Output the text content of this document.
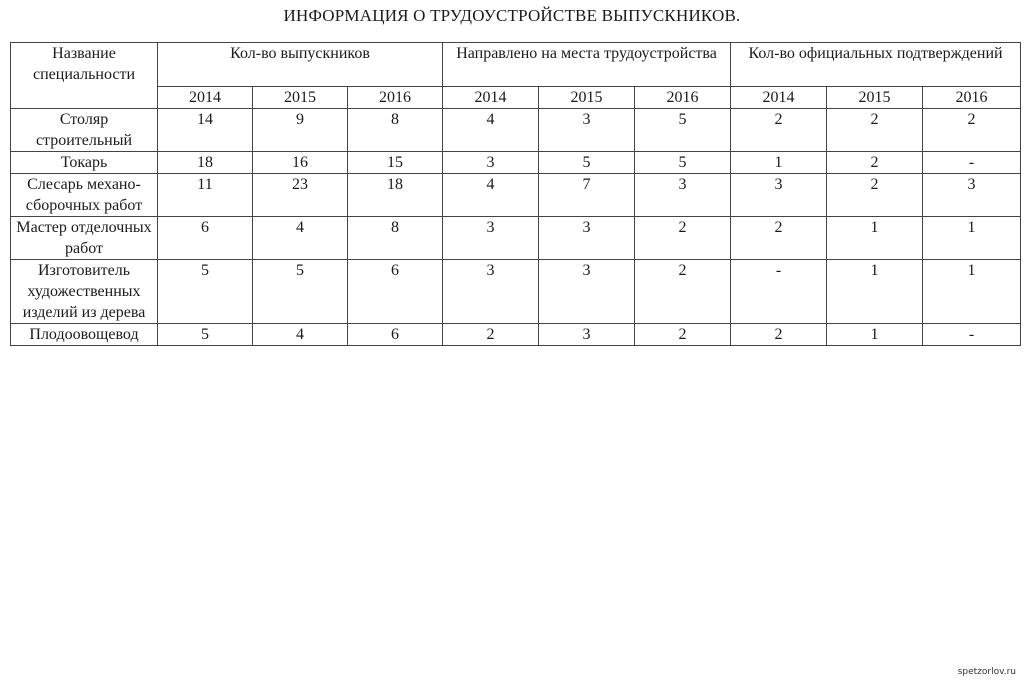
ИНФОРМАЦИЯ О ТРУДОУСТРОЙСТВЕ ВЫПУСКНИКОВ.
Название специальности	Кол-во выпускников			Направлено на места трудоустройства			Кол-во официальных подтверждений		
	2014	2015	2016	2014	2015	2016	2014	2015	2016
Столяр строительный	14	9	8	4	3	5	2	2	2
Токарь	18	16	15	3	5	5	1	2	-
Слесарь механо-сборочных работ	11	23	18	4	7	3	3	2	3
Мастер отделочных работ	6	4	8	3	3	2	2	1	1
Изготовитель художественных изделий из дерева	5	5	6	3	3	2	-	1	1
Плодоовощевод	5	4	6	2	3	2	2	1	-
spetzorlov.ru
